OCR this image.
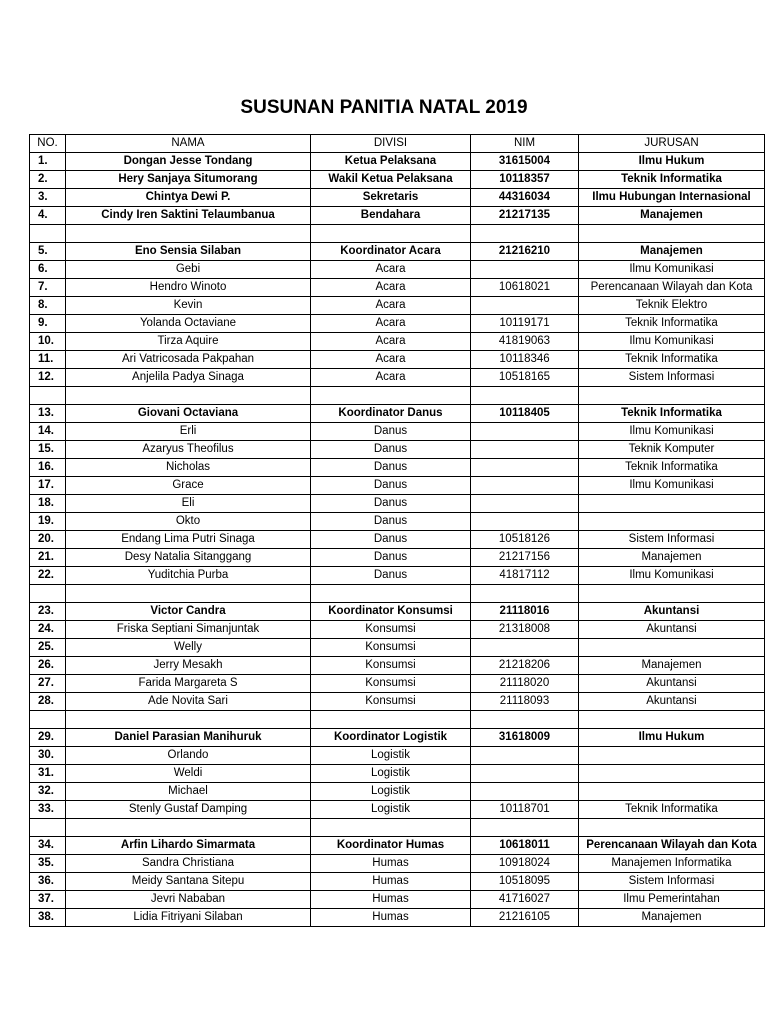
SUSUNAN PANITIA NATAL 2019
NO.	NAMA	DIVISI	NIM	JURUSAN
1.	Dongan Jesse Tondang	Ketua Pelaksana	31615004	Ilmu Hukum
2.	Hery Sanjaya Situmorang	Wakil Ketua Pelaksana	10118357	Teknik Informatika
3.	Chintya Dewi P.	Sekretaris	44316034	Ilmu Hubungan Internasional
4.	Cindy Iren Saktini Telaumbanua	Bendahara	21217135	Manajemen

5.	Eno Sensia Silaban	Koordinator Acara	21216210	Manajemen
6.	Gebi	Acara		Ilmu Komunikasi
7.	Hendro Winoto	Acara	10618021	Perencanaan Wilayah dan Kota
8.	Kevin	Acara		Teknik Elektro
9.	Yolanda Octaviane	Acara	10119171	Teknik Informatika
10.	Tirza Aquire	Acara	41819063	Ilmu Komunikasi
11.	Ari Vatricosada Pakpahan	Acara	10118346	Teknik Informatika
12.	Anjelila Padya Sinaga	Acara	10518165	Sistem Informasi

13.	Giovani Octaviana	Koordinator Danus	10118405	Teknik Informatika
14.	Erli	Danus		Ilmu Komunikasi
15.	Azaryus Theofilus	Danus		Teknik Komputer
16.	Nicholas	Danus		Teknik Informatika
17.	Grace	Danus		Ilmu Komunikasi
18.	Eli	Danus		
19.	Okto	Danus		
20.	Endang Lima Putri Sinaga	Danus	10518126	Sistem Informasi
21.	Desy Natalia Sitanggang	Danus	21217156	Manajemen
22.	Yuditchia Purba	Danus	41817112	Ilmu Komunikasi

23.	Victor Candra	Koordinator Konsumsi	21118016	Akuntansi
24.	Friska Septiani Simanjuntak	Konsumsi	21318008	Akuntansi
25.	Welly	Konsumsi		
26.	Jerry Mesakh	Konsumsi	21218206	Manajemen
27.	Farida Margareta S	Konsumsi	21118020	Akuntansi
28.	Ade Novita Sari	Konsumsi	21118093	Akuntansi

29.	Daniel Parasian Manihuruk	Koordinator Logistik	31618009	Ilmu Hukum
30.	Orlando	Logistik		
31.	Weldi	Logistik		
32.	Michael	Logistik		
33.	Stenly Gustaf Damping	Logistik	10118701	Teknik Informatika

34.	Arfin Lihardo Simarmata	Koordinator Humas	10618011	Perencanaan Wilayah dan Kota
35.	Sandra Christiana	Humas	10918024	Manajemen Informatika
36.	Meidy Santana Sitepu	Humas	10518095	Sistem Informasi
37.	Jevri Nababan	Humas	41716027	Ilmu Pemerintahan
38.	Lidia Fitriyani Silaban	Humas	21216105	Manajemen
